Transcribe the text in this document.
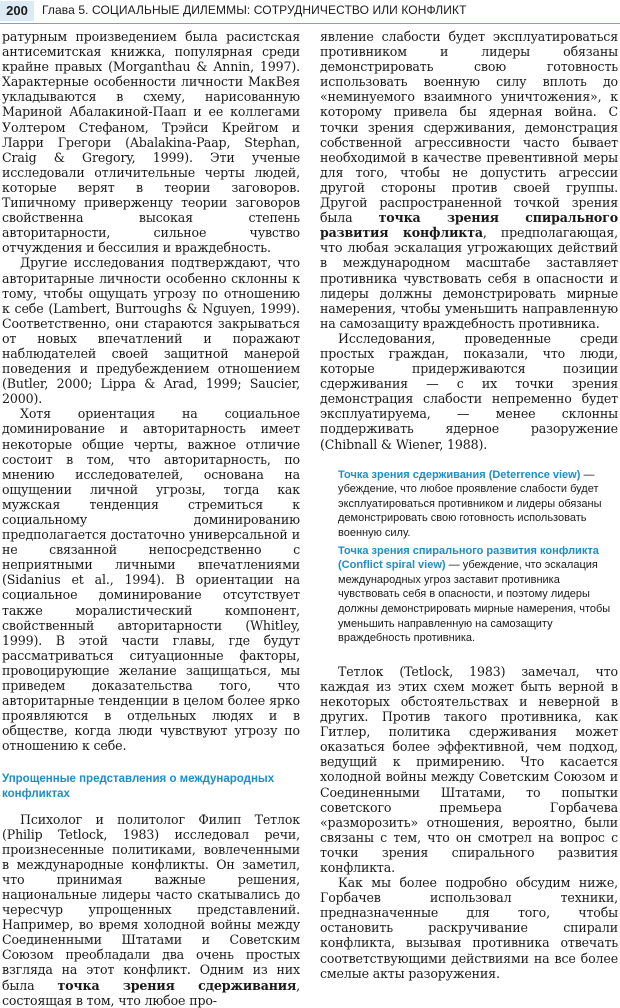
200	Глава 5. СОЦИАЛЬНЫЕ ДИЛЕММЫ: СОТРУДНИЧЕСТВО ИЛИ КОНФЛИКТ

ратурным произведением была расистская антисемитская книжка, популярная среди крайне правых (Morganthau & Annin, 1997). Характерные особенности личности МакВея укладываются в схему, нарисованную Мариной Абалакиной-Паап и ее коллегами Уолтером Стефаном, Трэйси Крейгом и Ларри Грегори (Abalakina-Paap, Stephan, Craig & Gregory, 1999). Эти ученые исследовали отличительные черты людей, которые верят в теории заговоров. Типичному приверженцу теории заговоров свойственна высокая степень авторитарности, сильное чувство отчуждения и бессилия и враждебность.

Другие исследования подтверждают, что авторитарные личности особенно склонны к тому, чтобы ощущать угрозу по отношению к себе (Lambert, Burroughs & Nguyen, 1999). Соответственно, они стараются закрываться от новых впечатлений и поражают наблюдателей своей защитной манерой поведения и предубеждением отношением (Butler, 2000; Lippa & Arad, 1999; Saucier, 2000).

Хотя ориентация на социальное доминирование и авторитарность имеет некоторые общие черты, важное отличие состоит в том, что авторитарность, по мнению исследователей, основана на ощущении личной угрозы, тогда как мужская тенденция стремиться к социальному доминированию предполагается достаточно универсальной и не связанной непосредственно с неприятными личными впечатлениями (Sidanius et al., 1994). В ориентации на социальное доминирование отсутствует также моралистический компонент, свойственный авторитарности (Whitley, 1999). В этой части главы, где будут рассматриваться ситуационные факторы, провоцирующие желание защищаться, мы приведем доказательства того, что авторитарные тенденции в целом более ярко проявляются в отдельных людях и в обществе, когда люди чувствуют угрозу по отношению к себе.

Упрощенные представления о международных конфликтах

Психолог и политолог Филип Тетлок (Philip Tetlock, 1983) исследовал речи, произнесенные политиками, вовлеченными в международные конфликты. Он заметил, что принимая важные решения, национальные лидеры часто скатывались до чересчур упрощенных представлений. Например, во время холодной войны между Соединенными Штатами и Советским Союзом преобладали два очень простых взгляда на этот конфликт. Одним из них была точка зрения сдерживания, состоящая в том, что любое про-

явление слабости будет эксплуатироваться противником и лидеры обязаны демонстрировать свою готовность использовать военную силу вплоть до «неминуемого взаимного уничтожения», к которому привела бы ядерная война. С точки зрения сдерживания, демонстрация собственной агрессивности часто бывает необходимой в качестве превентивной меры для того, чтобы не допустить агрессии другой стороны против своей группы. Другой распространенной точкой зрения была точка зрения спирального развития конфликта, предполагающая, что любая эскалация угрожающих действий в международном масштабе заставляет противника чувствовать себя в опасности и лидеры должны демонстрировать мирные намерения, чтобы уменьшить направленную на самозащиту враждебность противника.

Исследования, проведенные среди простых граждан, показали, что люди, которые придерживаются позиции сдерживания — с их точки зрения демонстрация слабости непременно будет эксплуатируема, — менее склонны поддерживать ядерное разоружение (Chibnall & Wiener, 1988).

Точка зрения сдерживания (Deterrence view) — убеждение, что любое проявление слабости будет эксплуатироваться противником и лидеры обязаны демонстрировать свою готовность использовать военную силу.
Точка зрения спирального развития конфликта (Conflict spiral view) — убеждение, что эскалация международных угроз заставит противника чувствовать себя в опасности, и поэтому лидеры должны демонстрировать мирные намерения, чтобы уменьшить направленную на самозащиту враждебность противника.

Тетлок (Tetlock, 1983) замечал, что каждая из этих схем может быть верной в некоторых обстоятельствах и неверной в других. Против такого противника, как Гитлер, политика сдерживания может оказаться более эффективной, чем подход, ведущий к примирению. Что касается холодной войны между Советским Союзом и Соединенными Штатами, то попытки советского премьера Горбачева «разморозить» отношения, вероятно, были связаны с тем, что он смотрел на вопрос с точки зрения спирального развития конфликта.

Как мы более подробно обсудим ниже, Горбачев использовал техники, предназначенные для того, чтобы остановить раскручивание спирали конфликта, вызывая противника отвечать соответствующими действиями на все более смелые акты разоружения.
